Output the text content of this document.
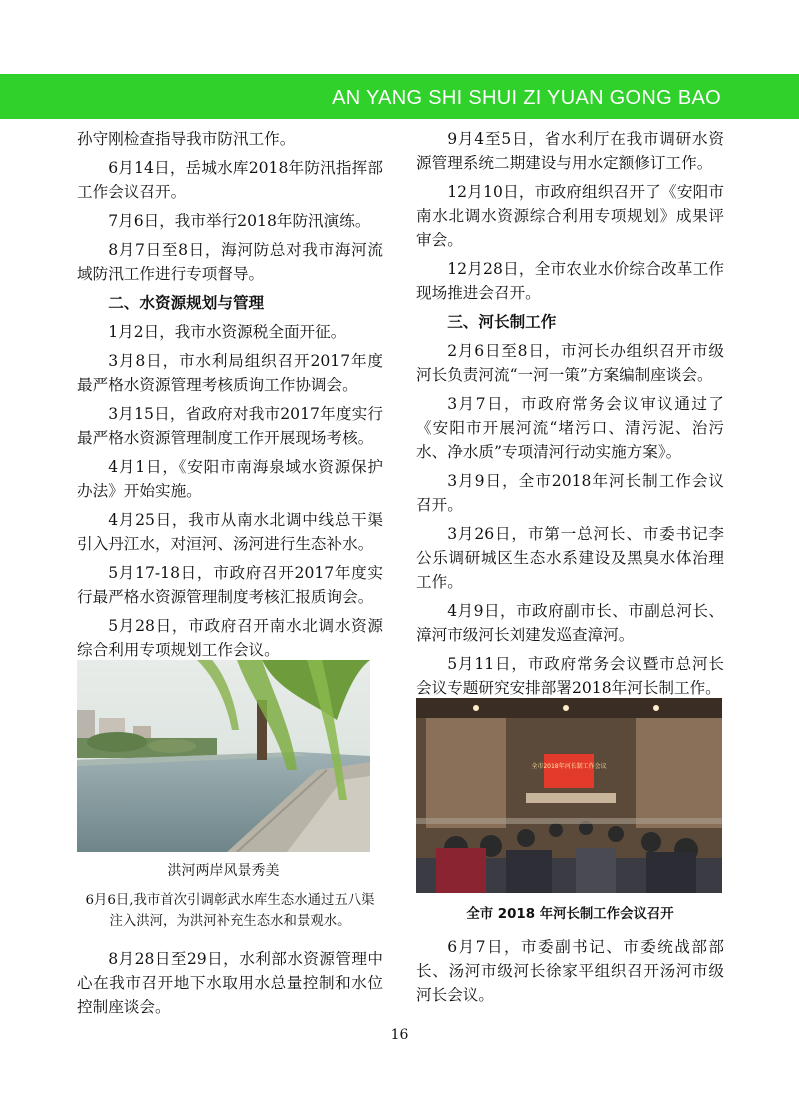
AN YANG SHI SHUI ZI YUAN GONG BAO

孙守刚检查指导我市防汛工作。

6月14日，岳城水库2018年防汛指挥部工作会议召开。

7月6日，我市举行2018年防汛演练。

8月7日至8日，海河防总对我市海河流域防汛工作进行专项督导。

二、水资源规划与管理

1月2日，我市水资源税全面开征。

3月8日，市水利局组织召开2017年度最严格水资源管理考核质询工作协调会。

3月15日，省政府对我市2017年度实行最严格水资源管理制度工作开展现场考核。

4月1日，《安阳市南海泉域水资源保护办法》开始实施。

4月25日，我市从南水北调中线总干渠引入丹江水，对洹河、汤河进行生态补水。

5月17-18日，市政府召开2017年度实行最严格水资源管理制度考核汇报质询会。

5月28日，市政府召开南水北调水资源综合利用专项规划工作会议。

9月4至5日，省水利厅在我市调研水资源管理系统二期建设与用水定额修订工作。

12月10日，市政府组织召开了《安阳市南水北调水资源综合利用专项规划》成果评审会。

12月28日，全市农业水价综合改革工作现场推进会召开。

三、河长制工作

2月6日至8日，市河长办组织召开市级河长负责河流“一河一策”方案编制座谈会。

3月7日，市政府常务会议审议通过了《安阳市开展河流“堵污口、清污泥、治污水、净水质”专项清河行动实施方案》。

3月9日，全市2018年河长制工作会议召开。

3月26日，市第一总河长、市委书记李公乐调研城区生态水系建设及黑臭水体治理工作。

4月9日，市政府副市长、市副总河长、漳河市级河长刘建发巡查漳河。

5月11日，市政府常务会议暨市总河长会议专题研究安排部署2018年河长制工作。

洪河两岸风景秀美
6月6日,我市首次引调彰武水库生态水通过五八渠注入洪河，为洪河补充生态水和景观水。
全市2018年河长制工作会议
全市 2018 年河长制工作会议召开

8月28日至29日，水利部水资源管理中心在我市召开地下水取用水总量控制和水位控制座谈会。

6月7日，市委副书记、市委统战部部长、汤河市级河长徐家平组织召开汤河市级河长会议。

16
